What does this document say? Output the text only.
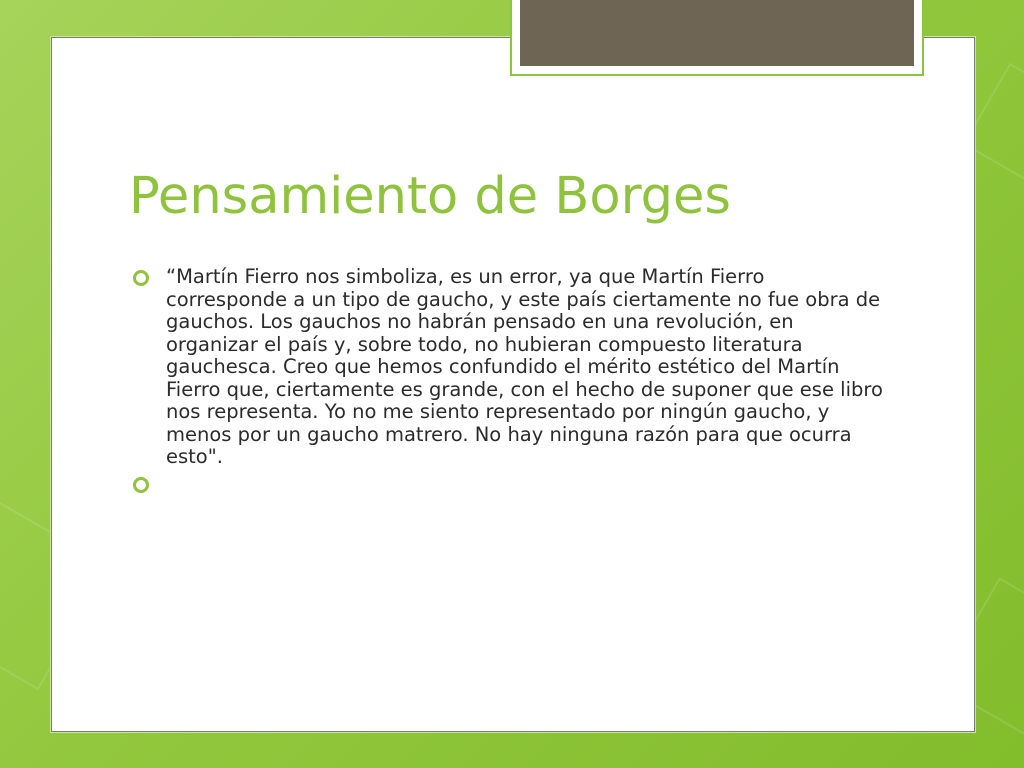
Pensamiento de Borges
“Martín Fierro nos simboliza, es un error, ya que Martín Fierro corresponde a un tipo de gaucho, y este país ciertamente no fue obra de gauchos. Los gauchos no habrán pensado en una revolución, en organizar el país y, sobre todo, no hubieran compuesto literatura gauchesca. Creo que hemos confundido el mérito estético del Martín Fierro que, ciertamente es grande, con el hecho de suponer que ese libro nos representa. Yo no me siento representado por ningún gaucho, y menos por un gaucho matrero. No hay ninguna razón para que ocurra esto".
